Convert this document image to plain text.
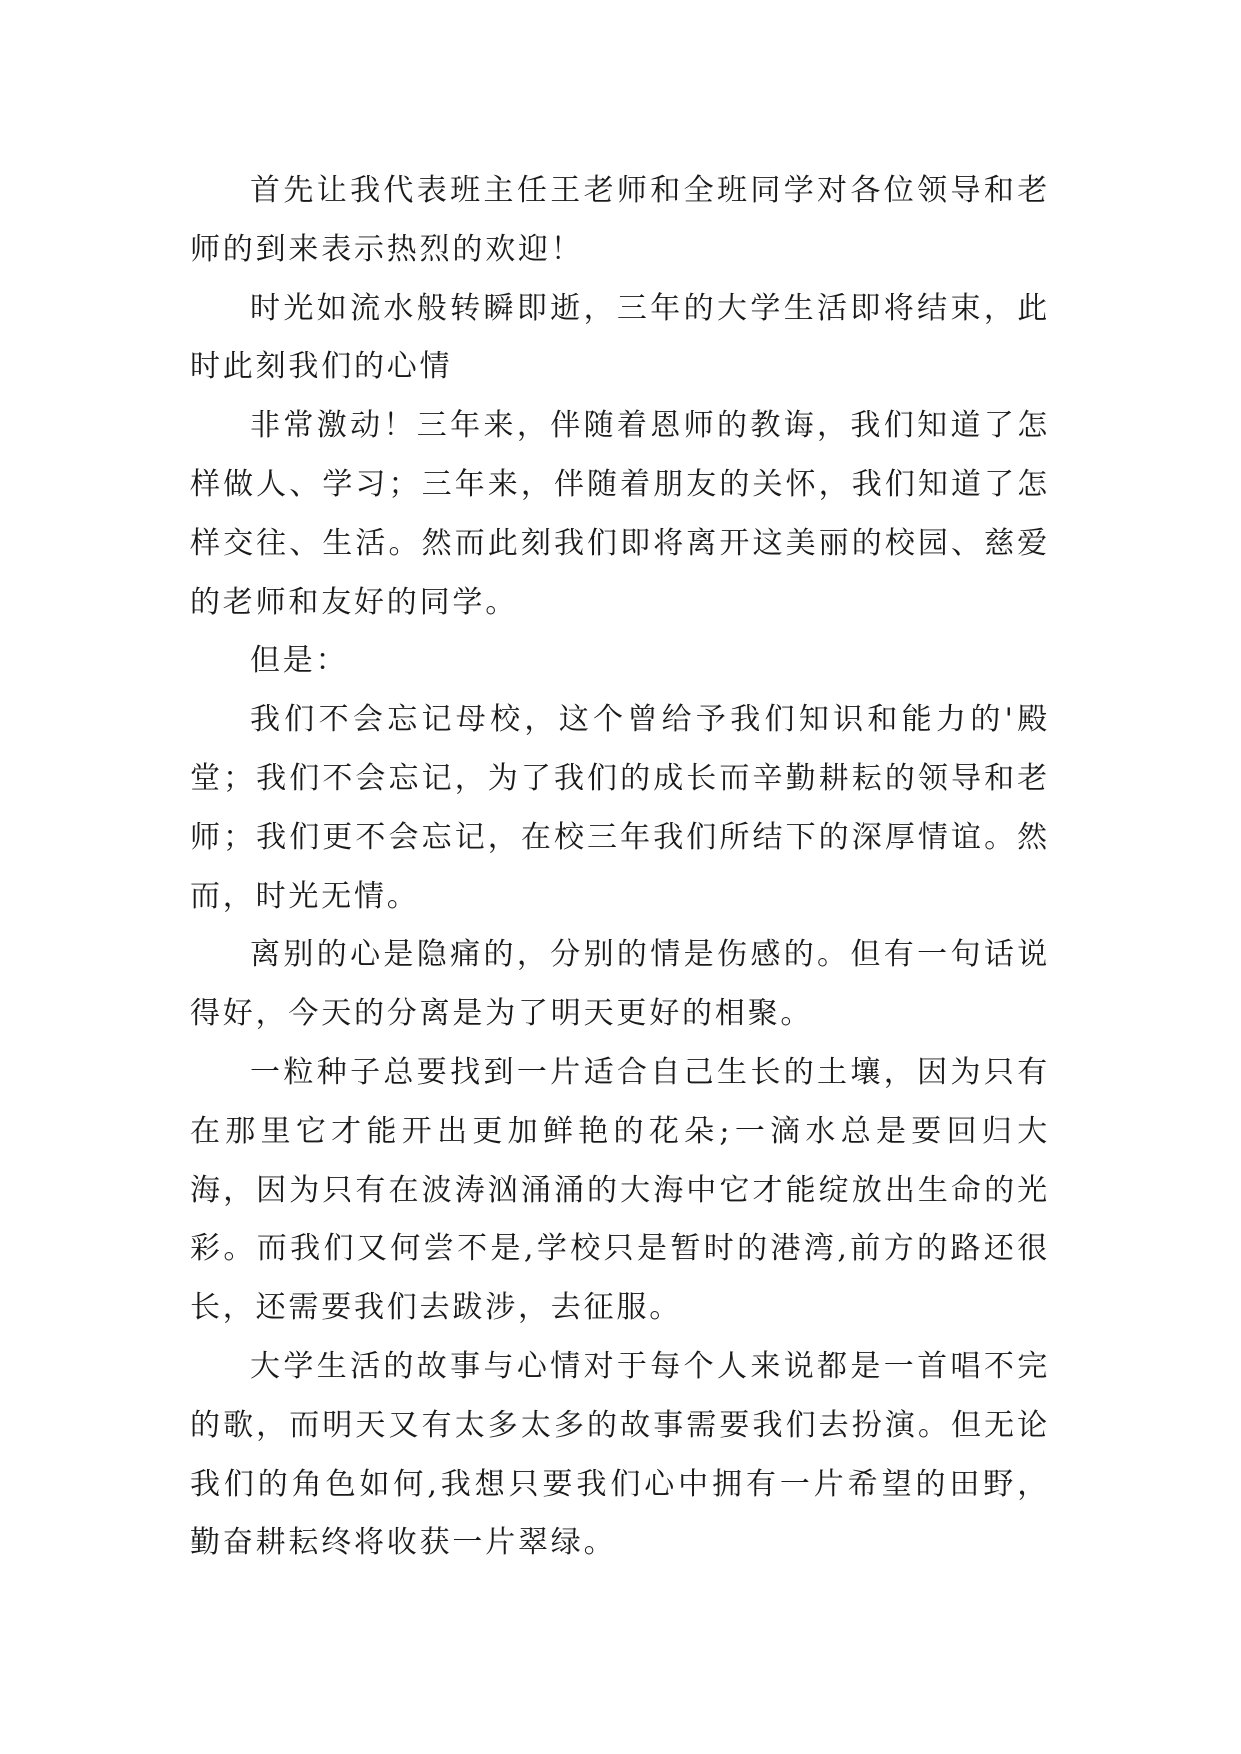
首先让我代表班主任王老师和全班同学对各位领导和老师的到来表示热烈的欢迎！

时光如流水般转瞬即逝，三年的大学生活即将结束，此时此刻我们的心情

非常激动！三年来，伴随着恩师的教诲，我们知道了怎样做人、学习；三年来，伴随着朋友的关怀，我们知道了怎样交往、生活。然而此刻我们即将离开这美丽的校园、慈爱的老师和友好的同学。

但是：

我们不会忘记母校，这个曾给予我们知识和能力的'殿堂；我们不会忘记，为了我们的成长而辛勤耕耘的领导和老师；我们更不会忘记，在校三年我们所结下的深厚情谊。然而，时光无情。

离别的心是隐痛的，分别的情是伤感的。但有一句话说得好，今天的分离是为了明天更好的相聚。

一粒种子总要找到一片适合自己生长的土壤，因为只有在那里它才能开出更加鲜艳的花朵;一滴水总是要回归大海，因为只有在波涛汹涌涌的大海中它才能绽放出生命的光彩。而我们又何尝不是,学校只是暂时的港湾,前方的路还很长，还需要我们去跋涉，去征服。

大学生活的故事与心情对于每个人来说都是一首唱不完的歌，而明天又有太多太多的故事需要我们去扮演。但无论我们的角色如何,我想只要我们心中拥有一片希望的田野，勤奋耕耘终将收获一片翠绿。
